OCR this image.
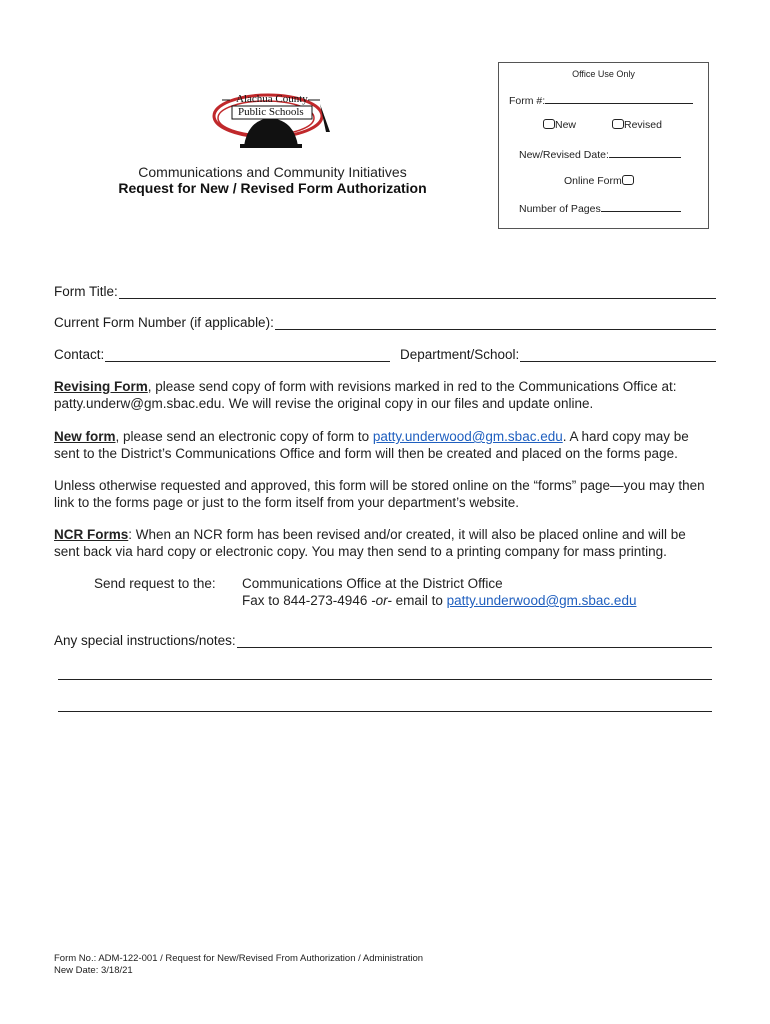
Alachua County
Public Schools
Office Use Only
Form #:
New	Revised
New/Revised Date:
Online Form
Number of Pages
Communications and Community Initiatives
Request for New / Revised Form Authorization
Form Title:
Current Form Number (if applicable):
Contact:	Department/School:
Revising Form, please send copy of form with revisions marked in red to the Communications Office at: patty.underw@gm.sbac.edu. We will revise the original copy in our files and update online.
New form, please send an electronic copy of form to patty.underwood@gm.sbac.edu. A hard copy may be sent to the District’s Communications Office and form will then be created and placed on the forms page.
Unless otherwise requested and approved, this form will be stored online on the “forms” page—you may then link to the forms page or just to the form itself from your department’s website.
NCR Forms: When an NCR form has been revised and/or created, it will also be placed online and will be sent back via hard copy or electronic copy. You may then send to a printing company for mass printing.
Send request to the: Communications Office at the District Office
Fax to 844-273-4946 -or- email to patty.underwood@gm.sbac.edu
Any special instructions/notes:
Form No.: ADM-122-001 / Request for New/Revised From Authorization / Administration
New Date: 3/18/21
